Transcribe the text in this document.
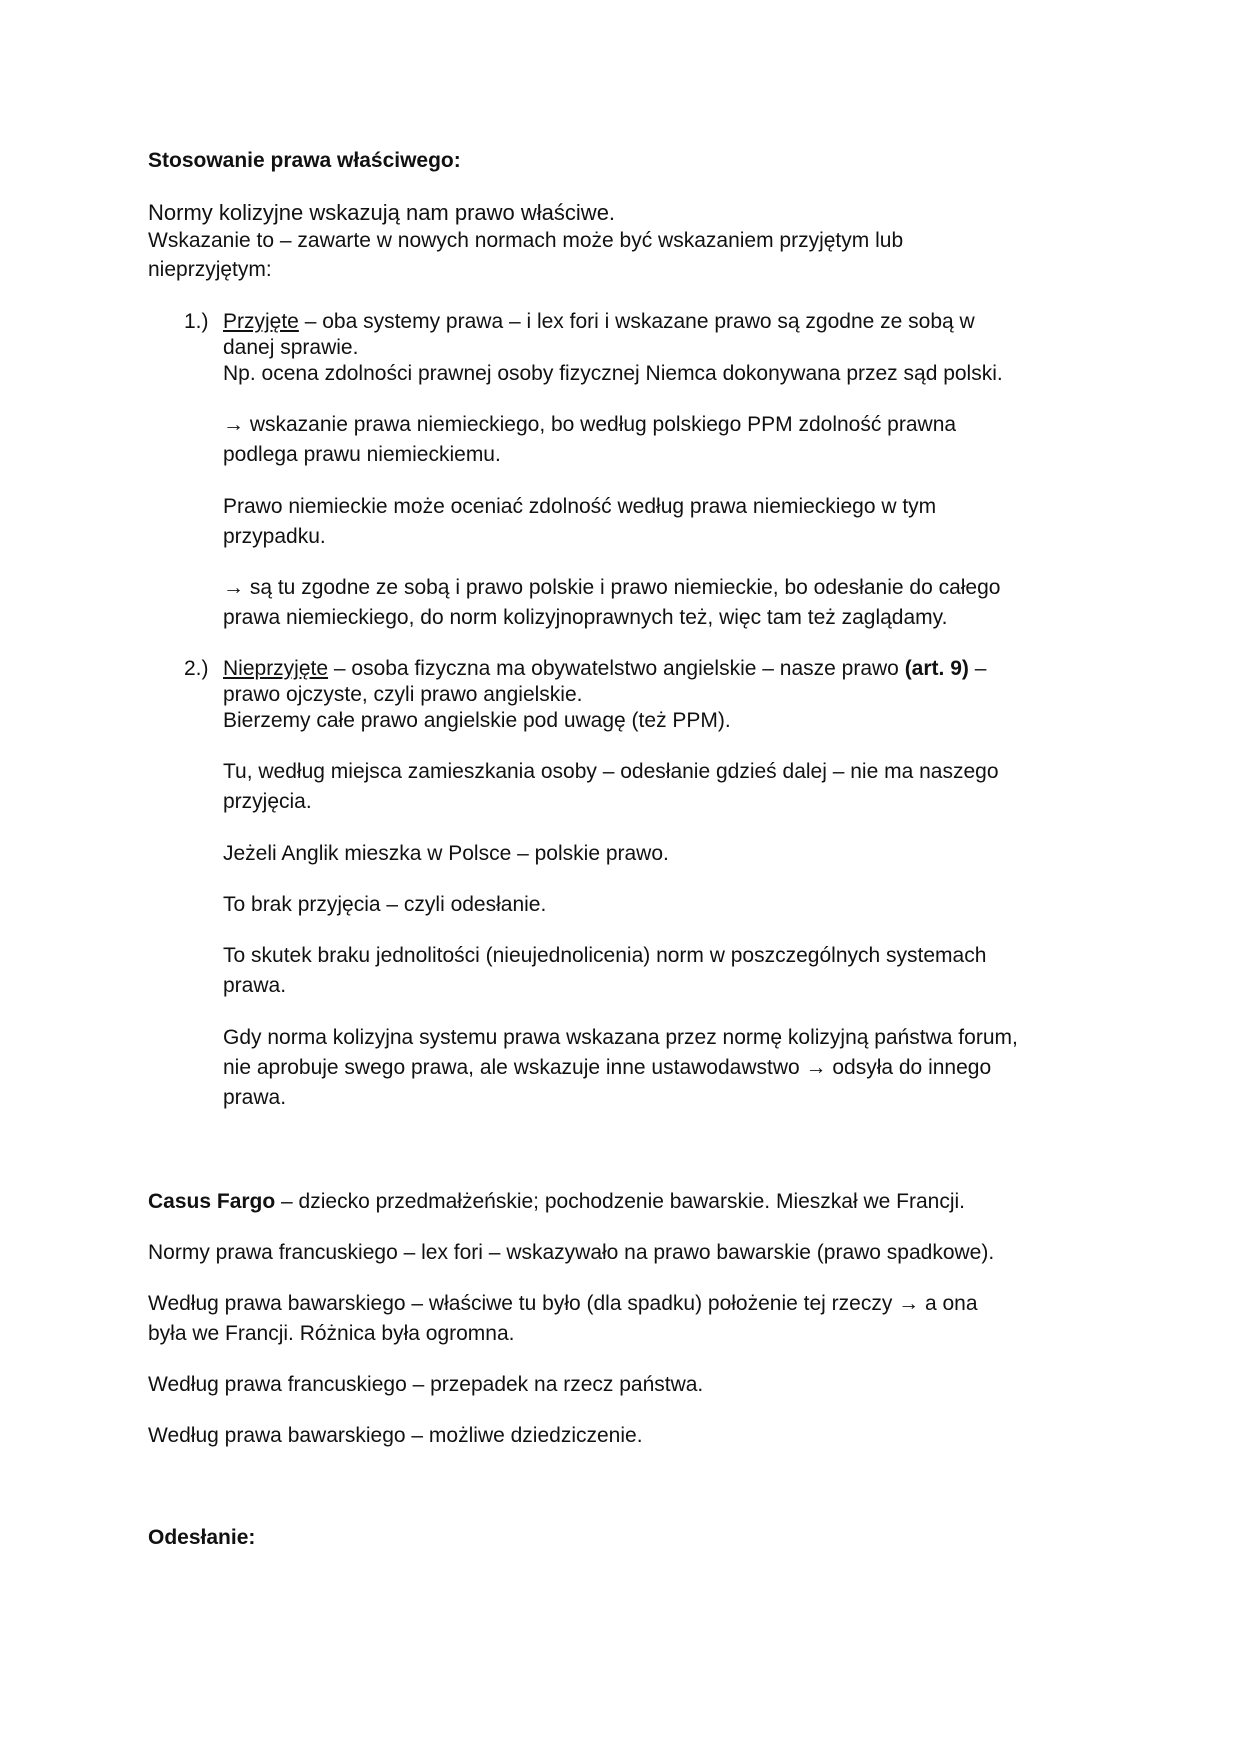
Stosowanie prawa właściwego:
Normy kolizyjne wskazują nam prawo właściwe.
Wskazanie to – zawarte w nowych normach może być wskazaniem przyjętym lub
nieprzyjętym:
1.) Przyjęte – oba systemy prawa – i lex fori i wskazane prawo są zgodne ze sobą w
danej sprawie.
Np. ocena zdolności prawnej osoby fizycznej Niemca dokonywana przez sąd polski.
→ wskazanie prawa niemieckiego, bo według polskiego PPM zdolność prawna
podlega prawu niemieckiemu.
Prawo niemieckie może oceniać zdolność według prawa niemieckiego w tym
przypadku.
→ są tu zgodne ze sobą i prawo polskie i prawo niemieckie, bo odesłanie do całego
prawa niemieckiego, do norm kolizyjnoprawnych też, więc tam też zaglądamy.
2.) Nieprzyjęte – osoba fizyczna ma obywatelstwo angielskie – nasze prawo (art. 9) –
prawo ojczyste, czyli prawo angielskie.
Bierzemy całe prawo angielskie pod uwagę (też PPM).
Tu, według miejsca zamieszkania osoby – odesłanie gdzieś dalej – nie ma naszego
przyjęcia.
Jeżeli Anglik mieszka w Polsce – polskie prawo.
To brak przyjęcia – czyli odesłanie.
To skutek braku jednolitości (nieujednolicenia) norm w poszczególnych systemach
prawa.
Gdy norma kolizyjna systemu prawa wskazana przez normę kolizyjną państwa forum,
nie aprobuje swego prawa, ale wskazuje inne ustawodawstwo → odsyła do innego
prawa.
Casus Fargo – dziecko przedmałżeńskie; pochodzenie bawarskie. Mieszkał we Francji.
Normy prawa francuskiego – lex fori – wskazywało na prawo bawarskie (prawo spadkowe).
Według prawa bawarskiego – właściwe tu było (dla spadku) położenie tej rzeczy → a ona
była we Francji. Różnica była ogromna.
Według prawa francuskiego – przepadek na rzecz państwa.
Według prawa bawarskiego – możliwe dziedziczenie.
Odesłanie:
